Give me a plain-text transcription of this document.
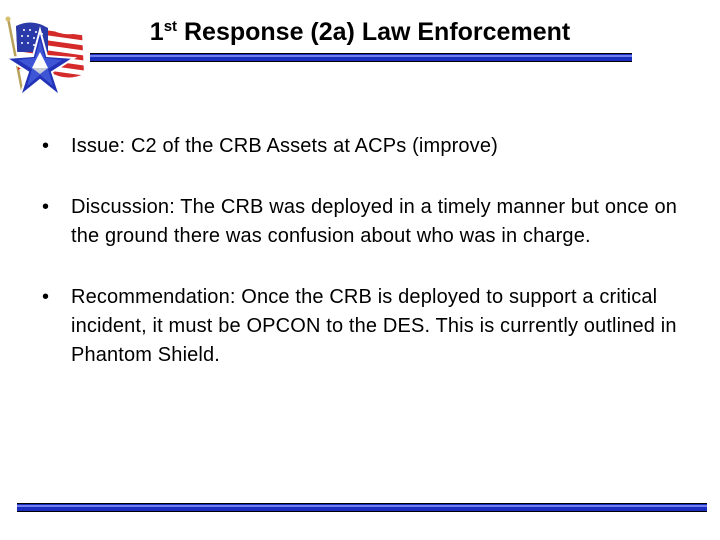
1st Response (2a) Law Enforcement
• Issue: C2 of the CRB Assets at ACPs (improve)
• Discussion: The CRB was deployed in a timely manner but once on the ground there was confusion about who was in charge.
• Recommendation: Once the CRB is deployed to support a critical incident, it must be OPCON to the DES. This is currently outlined in Phantom Shield.
